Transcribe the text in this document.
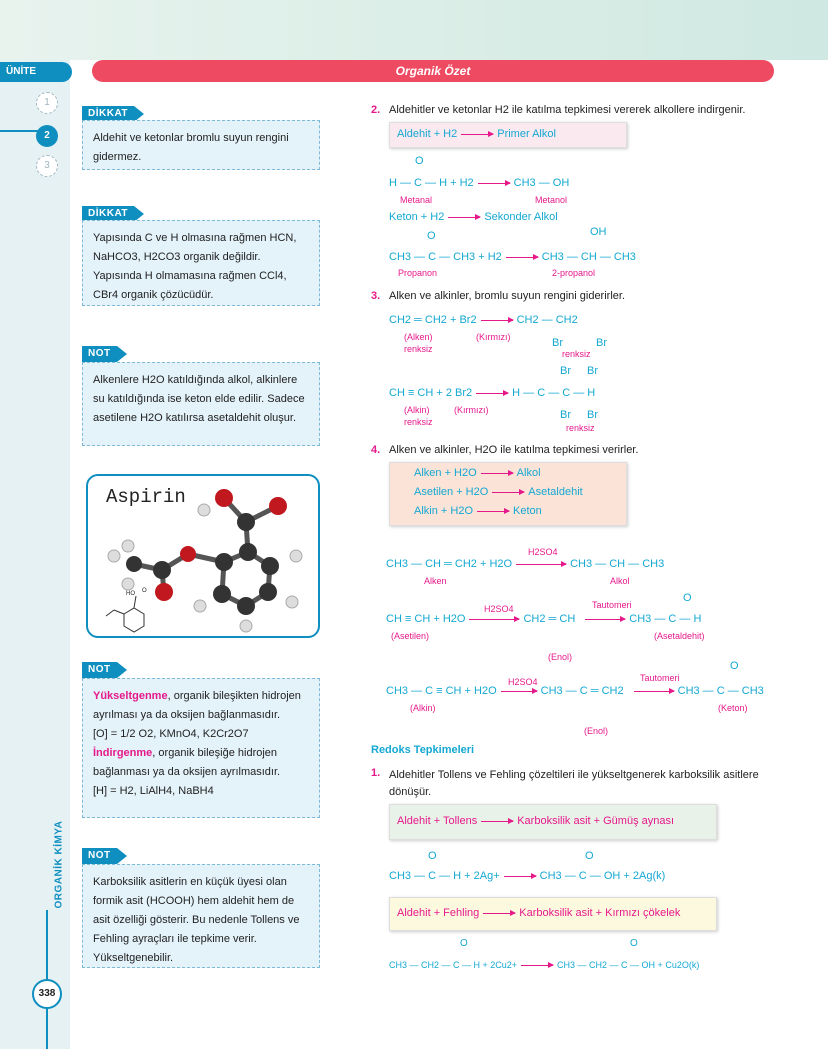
ÜNİTE	Organik Özet
1
2
3
ORGANİK KİMYA
338
DİKKAT
Aldehit ve ketonlar bromlu suyun rengini gidermez.
DİKKAT
Yapısında C ve H olmasına rağmen HCN, NaHCO3, H2CO3 organik değildir.
Yapısında H olmamasına rağmen CCl4, CBr4 organik çözücüdür.
NOT
Alkenlere H2O katıldığında alkol, alkinlere su katıldığında ise keton elde edilir. Sadece asetilene H2O katılırsa asetaldehit oluşur.
Aspirin
HO O
NOT
Yükseltgenme, organik bileşikten hidrojen ayrılması ya da oksijen bağlanmasıdır.
[O] = 1/2 O2, KMnO4, K2Cr2O7
İndirgenme, organik bileşiğe hidrojen bağlanması ya da oksijen ayrılmasıdır.
[H] = H2, LiAlH4, NaBH4
NOT
Karboksilik asitlerin en küçük üyesi olan formik asit (HCOOH) hem aldehit hem de asit özelliği gösterir. Bu nedenle Tollens ve Fehling ayraçları ile tepkime verir. Yükseltgenebilir.
2. Aldehitler ve ketonlar H2 ile katılma tepkimesi vererek alkollere indirgenir.
Aldehit + H2	Primer Alkol
O
H — C — H + H2	CH3 — OH
Metanal	Metanol
Keton + H2	Sekonder Alkol
O	OH
CH3 — C — CH3 + H2	CH3 — CH — CH3
Propanon	2-propanol
3. Alken ve alkinler, bromlu suyun rengini giderirler.
CH2 ═ CH2 + Br2	CH2 — CH2
(Alken)
renksiz
(Kırmızı)	Br	Br
renksiz
Br Br
CH ≡ CH + 2 Br2	H — C — C — H
(Alkin)
renksiz
(Kırmızı)	Br Br
renksiz
4. Alken ve alkinler, H2O ile katılma tepkimesi verirler.
Alken + H2O	Alkol
Asetilen + H2O	Asetaldehit
Alkin + H2O	Keton
H2SO4
CH3 — CH ═ CH2 + H2O	CH3 — CH — CH3
Alken	Alkol
O
H2SO4	Tautomeri
CH ≡ CH + H2O	CH2 ═ CH	CH3 — C — H
(Asetilen)
(Enol)
(Asetaldehit)
O
H2SO4	Tautomeri
CH3 — C ≡ CH + H2O	CH3 — C ═ CH2	CH3 — C — CH3
(Alkin)
(Enol)
(Keton)
Redoks Tepkimeleri
1. Aldehitler Tollens ve Fehling çözeltileri ile yükseltgenerek karboksilik asitlere dönüşür.
Aldehit + Tollens	Karboksilik asit + Gümüş aynası
O	O
CH3 — C — H + 2Ag+	CH3 — C — OH + 2Ag(k)
Aldehit + Fehling	Karboksilik asit + Kırmızı çökelek
O	O
CH3 — CH2 — C — H + 2Cu2+	CH3 — CH2 — C — OH + Cu2O(k)
